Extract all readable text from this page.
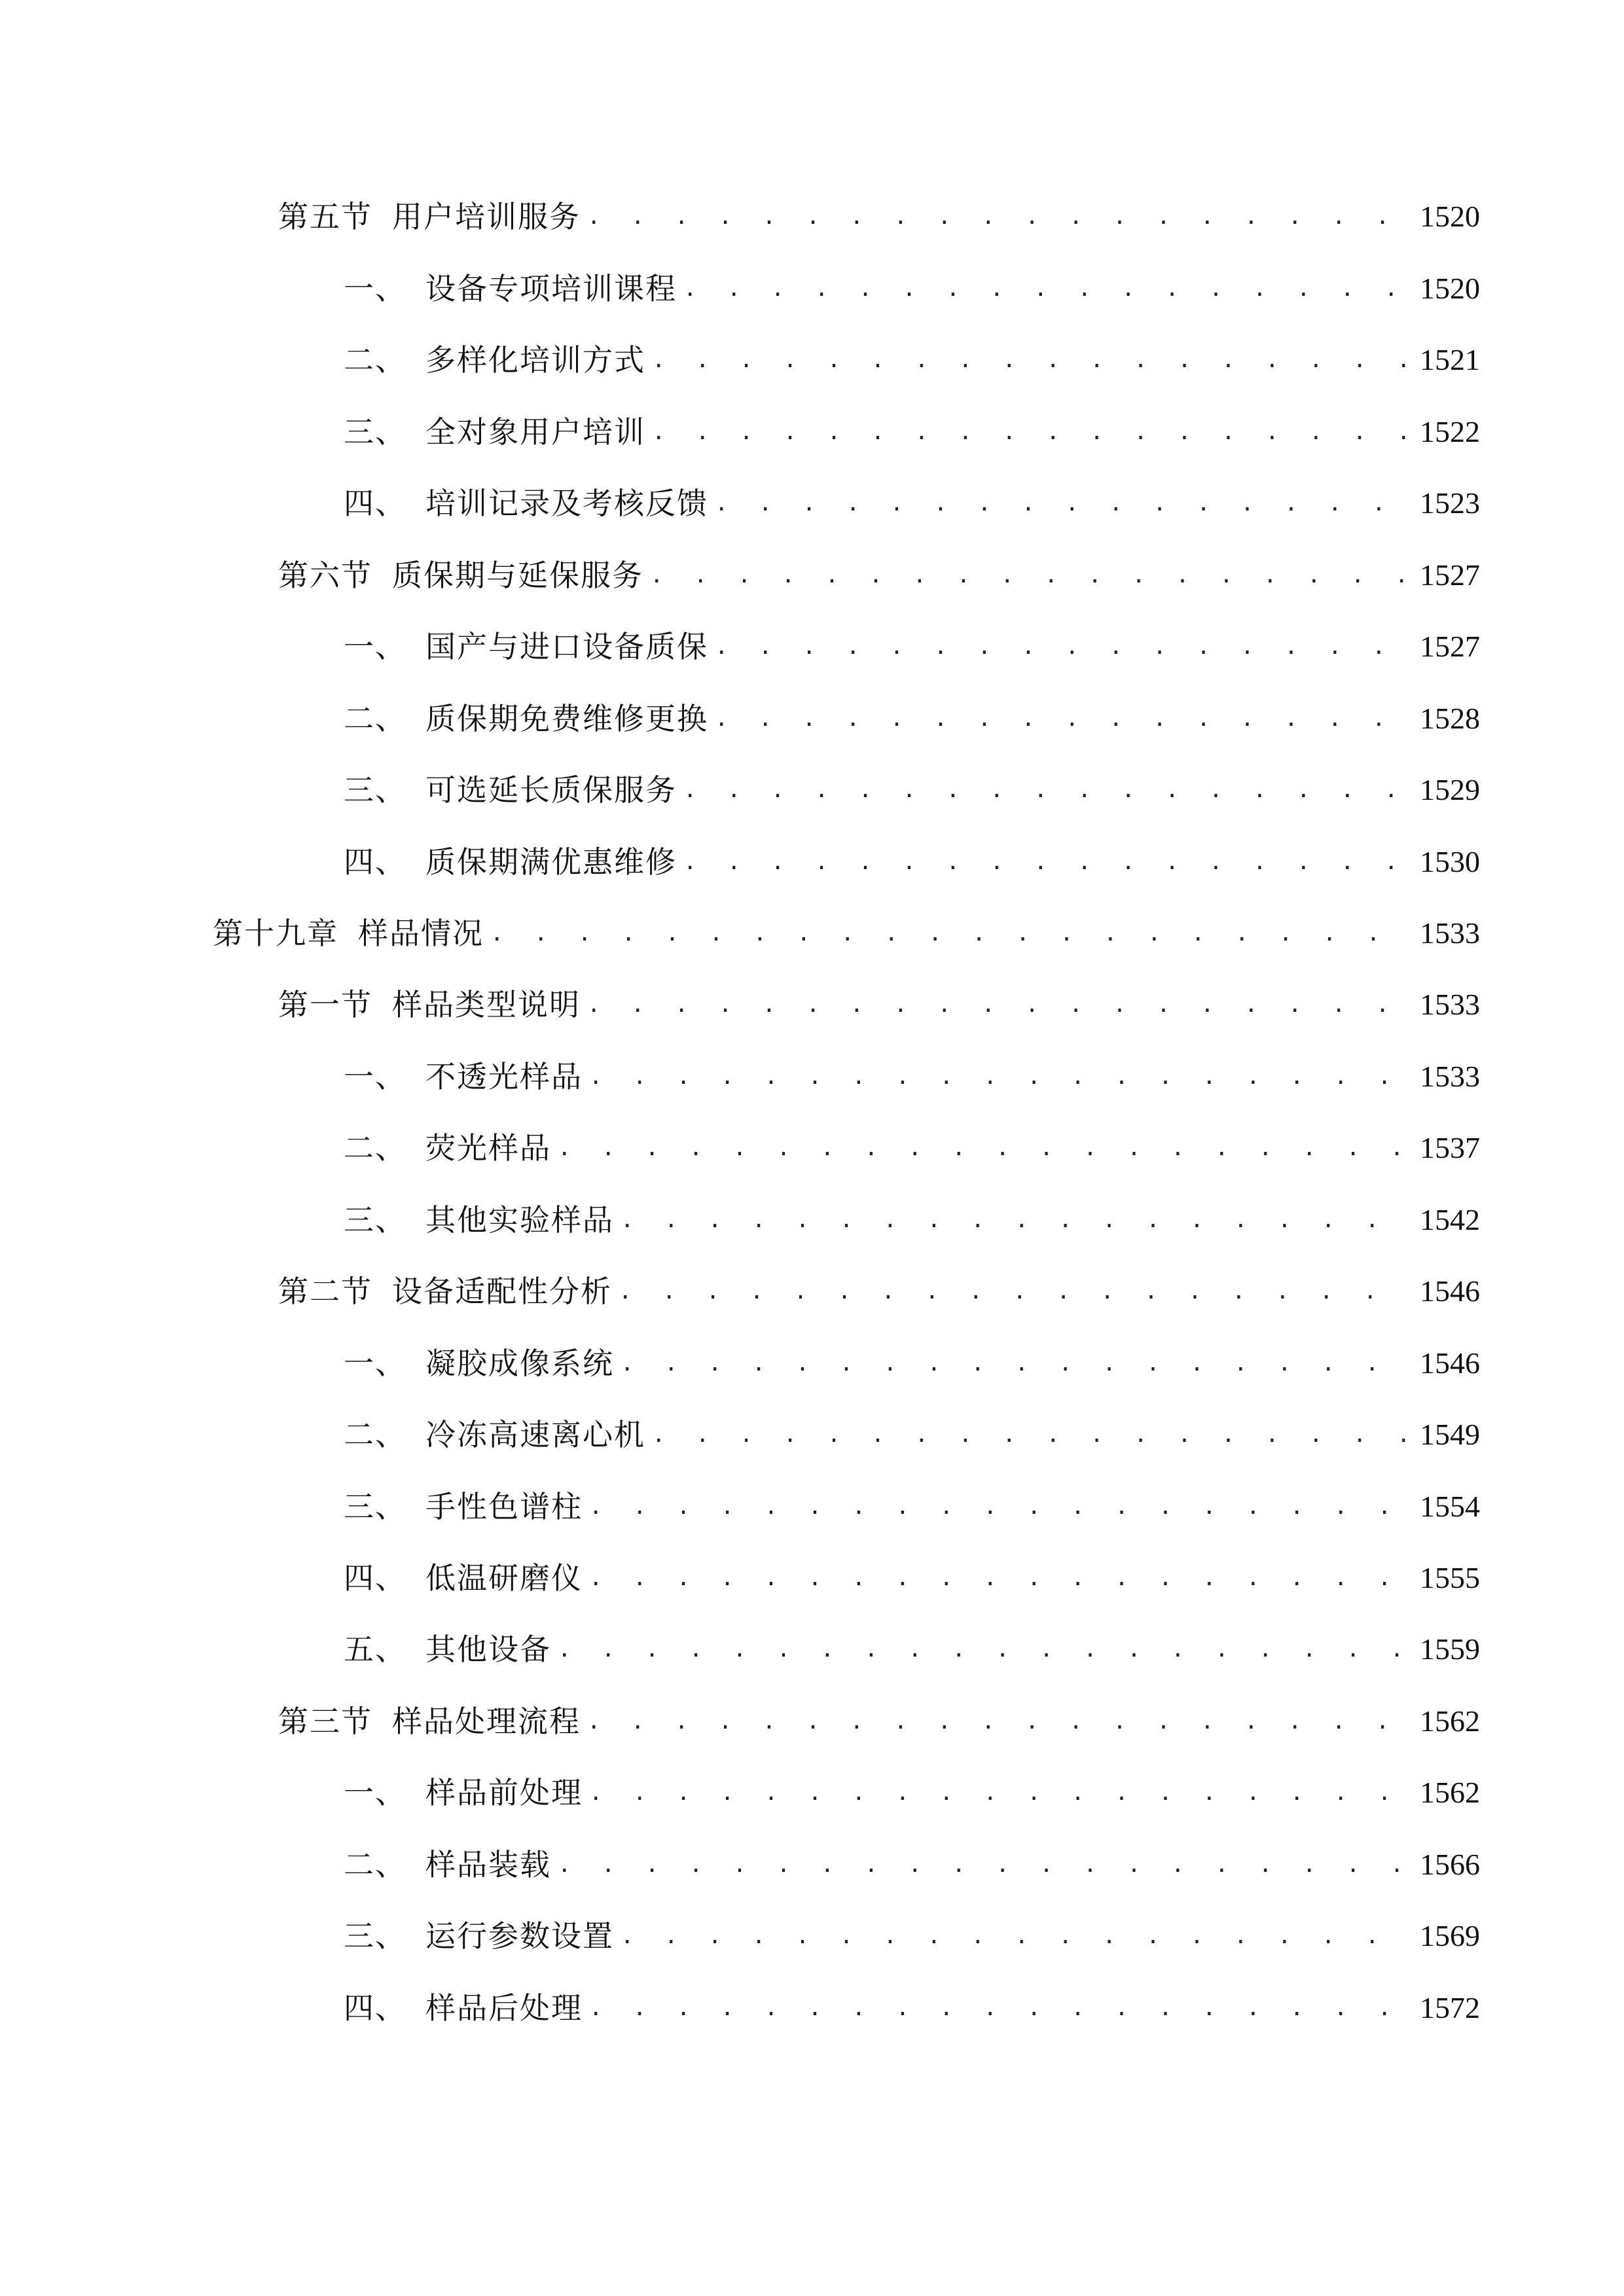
第五节 用户培训服务 . . .	1520
一、 设备专项培训课程 . . .	1520
二、 多样化培训方式 . . .	1521
三、 全对象用户培训 . . .	1522
四、 培训记录及考核反馈 . . .	1523
第六节 质保期与延保服务 . . .	1527
一、 国产与进口设备质保 . . .	1527
二、 质保期免费维修更换 . . .	1528
三、 可选延长质保服务 . . .	1529
四、 质保期满优惠维修 . . .	1530
第十九章 样品情况 . . .	1533
第一节 样品类型说明 . . .	1533
一、 不透光样品 . . .	1533
二、 荧光样品 . . .	1537
三、 其他实验样品 . . .	1542
第二节 设备适配性分析 . . .	1546
一、 凝胶成像系统 . . .	1546
二、 冷冻高速离心机 . . .	1549
三、 手性色谱柱 . . .	1554
四、 低温研磨仪 . . .	1555
五、 其他设备 . . .	1559
第三节 样品处理流程 . . .	1562
一、 样品前处理 . . .	1562
二、 样品装载 . . .	1566
三、 运行参数设置 . . .	1569
四、 样品后处理 . . .	1572
